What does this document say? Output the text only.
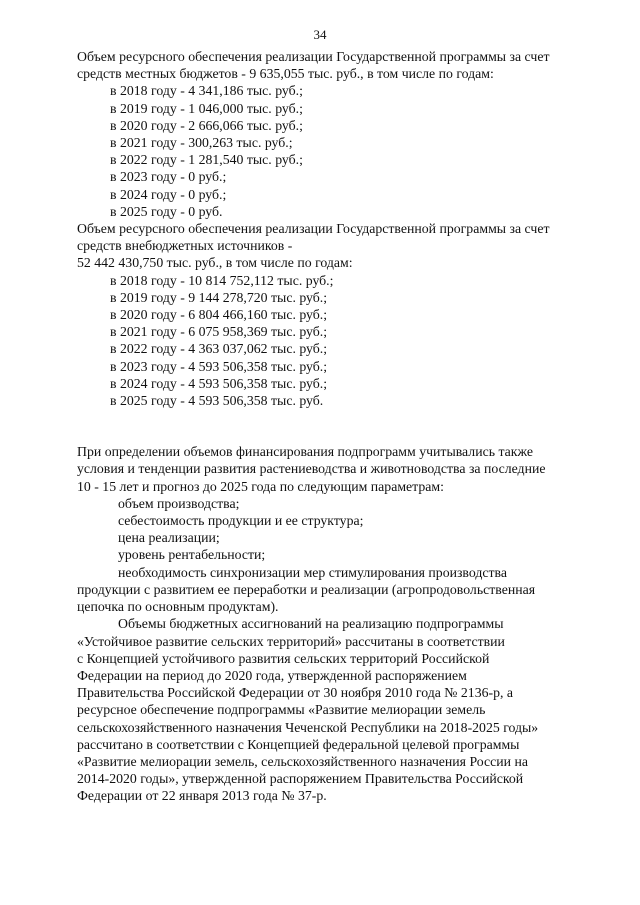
34

Объем ресурсного обеспечения реализации Государственной программы за счет

средств местных бюджетов - 9 635,055 тыс. руб., в том числе по годам:

в 2018 году - 4 341,186 тыс. руб.;

в 2019 году - 1 046,000 тыс. руб.;

в 2020 году - 2 666,066 тыс. руб.;

в 2021 году - 300,263 тыс. руб.;

в 2022 году - 1 281,540 тыс. руб.;

в 2023 году - 0 руб.;

в 2024 году - 0 руб.;

в 2025 году - 0 руб.

Объем ресурсного обеспечения реализации Государственной программы за счет

средств внебюджетных источников -

52 442 430,750 тыс. руб., в том числе по годам:

в 2018 году - 10 814 752,112 тыс. руб.;

в 2019 году - 9 144 278,720 тыс. руб.;

в 2020 году - 6 804 466,160 тыс. руб.;

в 2021 году - 6 075 958,369 тыс. руб.;

в 2022 году - 4 363 037,062 тыс. руб.;

в 2023 году - 4 593 506,358 тыс. руб.;

в 2024 году - 4 593 506,358 тыс. руб.;

в 2025 году - 4 593 506,358 тыс. руб.

При определении объемов финансирования подпрограмм учитывались также

условия и тенденции развития растениеводства и животноводства за последние

10 - 15 лет и прогноз до 2025 года по следующим параметрам:

объем производства;

себестоимость продукции и ее структура;

цена реализации;

уровень рентабельности;

необходимость синхронизации мер стимулирования производства

продукции с развитием ее переработки и реализации (агропродовольственная

цепочка по основным продуктам).

Объемы бюджетных ассигнований на реализацию подпрограммы

«Устойчивое развитие сельских территорий» рассчитаны в соответствии

с Концепцией устойчивого развития сельских территорий Российской

Федерации на период до 2020 года, утвержденной распоряжением

Правительства Российской Федерации от 30 ноября 2010 года № 2136-р, а

ресурсное обеспечение подпрограммы «Развитие мелиорации земель

сельскохозяйственного назначения Чеченской Республики на 2018-2025 годы»

рассчитано в соответствии с Концепцией федеральной целевой программы

«Развитие мелиорации земель, сельскохозяйственного назначения России на

2014-2020 годы», утвержденной распоряжением Правительства Российской

Федерации от 22 января 2013 года № 37-р.
